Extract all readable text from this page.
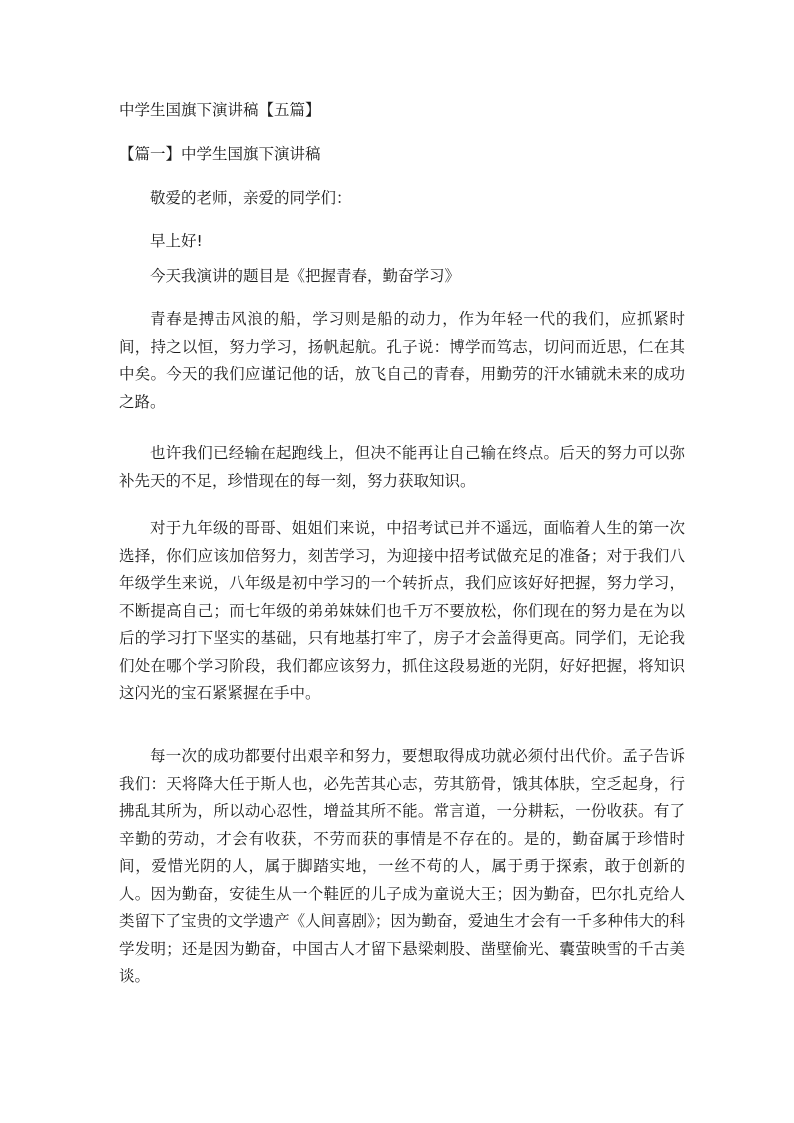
中学生国旗下演讲稿【五篇】
【篇一】中学生国旗下演讲稿

敬爱的老师，亲爱的同学们：

早上好!

今天我演讲的题目是《把握青春，勤奋学习》

青春是搏击风浪的船，学习则是船的动力，作为年轻一代的我们，应抓紧时间，持之以恒，努力学习，扬帆起航。孔子说：博学而笃志，切问而近思，仁在其中矣。今天的我们应谨记他的话，放飞自己的青春，用勤劳的汗水铺就未来的成功之路。

也许我们已经输在起跑线上，但决不能再让自己输在终点。后天的努力可以弥补先天的不足，珍惜现在的每一刻，努力获取知识。

对于九年级的哥哥、姐姐们来说，中招考试已并不遥远，面临着人生的第一次选择，你们应该加倍努力，刻苦学习，为迎接中招考试做充足的准备；对于我们八年级学生来说，八年级是初中学习的一个转折点，我们应该好好把握，努力学习，不断提高自己；而七年级的弟弟妹妹们也千万不要放松，你们现在的努力是在为以后的学习打下坚实的基础，只有地基打牢了，房子才会盖得更高。同学们，无论我们处在哪个学习阶段，我们都应该努力，抓住这段易逝的光阴，好好把握，将知识这闪光的宝石紧紧握在手中。

每一次的成功都要付出艰辛和努力，要想取得成功就必须付出代价。孟子告诉我们：天将降大任于斯人也，必先苦其心志，劳其筋骨，饿其体肤，空乏起身，行拂乱其所为，所以动心忍性，增益其所不能。常言道，一分耕耘，一份收获。有了辛勤的劳动，才会有收获，不劳而获的事情是不存在的。是的，勤奋属于珍惜时间，爱惜光阴的人，属于脚踏实地，一丝不苟的人，属于勇于探索，敢于创新的人。因为勤奋，安徒生从一个鞋匠的儿子成为童说大王；因为勤奋，巴尔扎克给人类留下了宝贵的文学遗产《人间喜剧》；因为勤奋，爱迪生才会有一千多种伟大的科学发明；还是因为勤奋，中国古人才留下悬梁刺股、凿壁偷光、囊萤映雪的千古美谈。
